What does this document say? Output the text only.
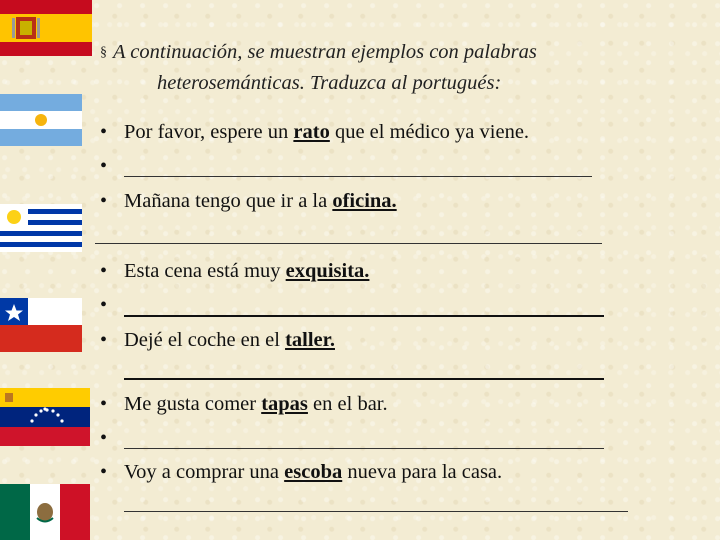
§ A continuación, se muestran ejemplos con palabras
heterosemánticas. Traduzca al portugués:
• Por favor, espere un rato que el médico ya viene.
•
• Mañana tengo que ir a la oficina.
• Esta cena está muy exquisita.
•
• Dejé el coche en el taller.
• Me gusta comer tapas en el bar.
•
• Voy a comprar una escoba nueva para la casa.
